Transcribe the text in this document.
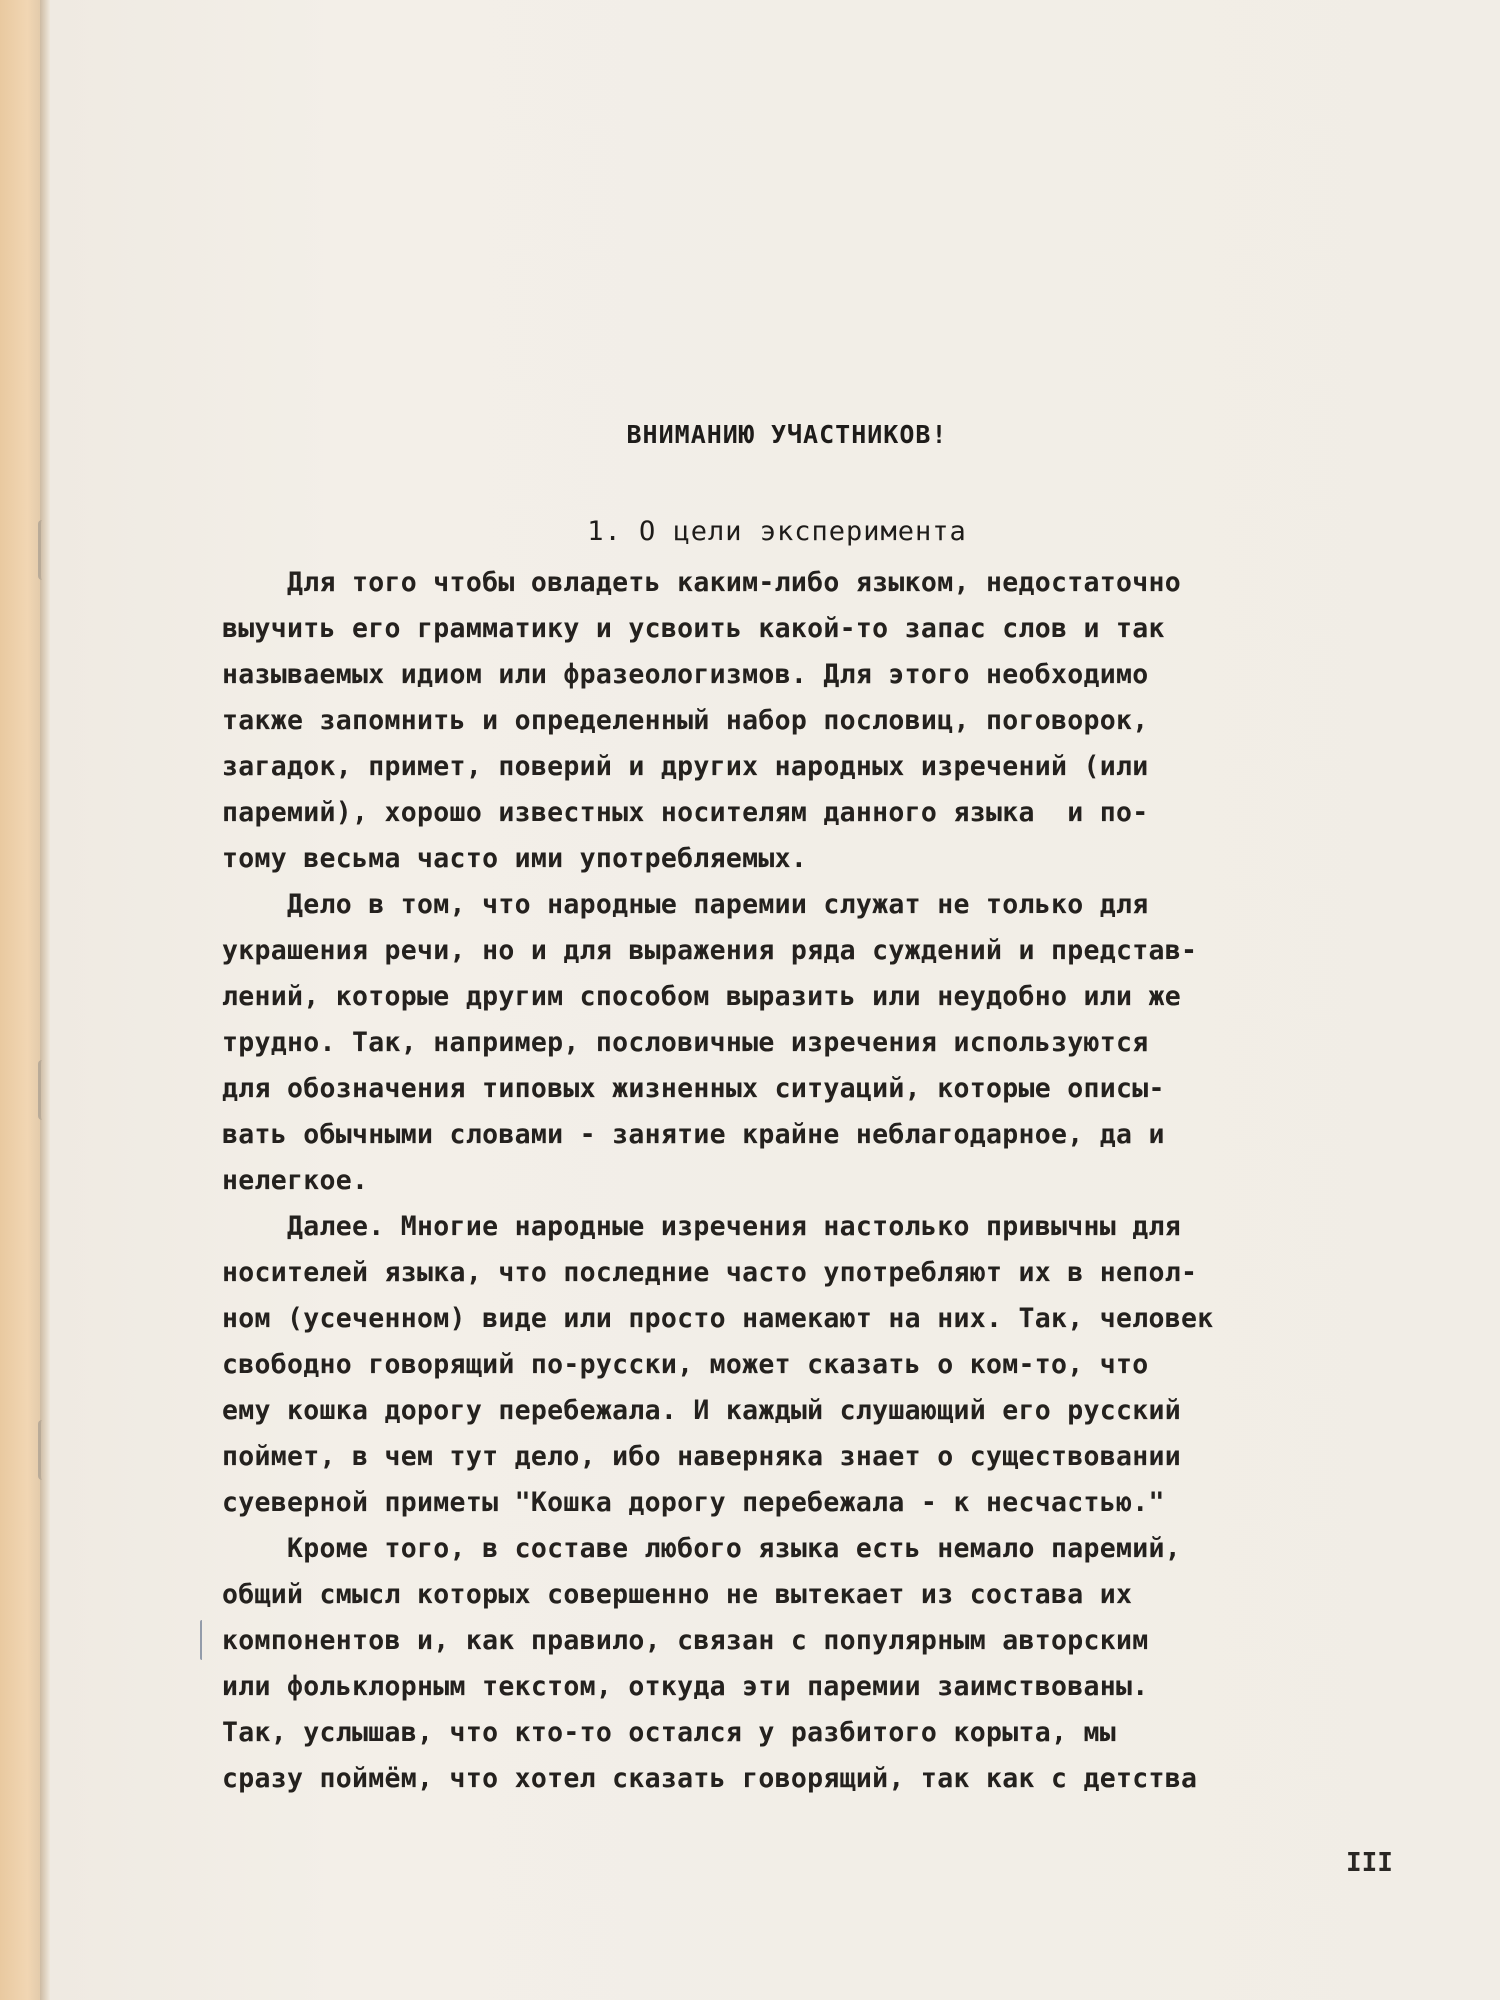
ВНИМАНИЮ УЧАСТНИКОВ!
1. О цели эксперимента

Для того чтобы овладеть каким-либо языком, недостаточно

выучить его грамматику и усвоить какой-то запас слов и так

называемых идиом или фразеологизмов. Для этого необходимо

также запомнить и определенный набор пословиц, поговорок,

загадок, примет, поверий и других народных изречений (или

паремий), хорошо известных носителям данного языка  и по-

тому весьма часто ими употребляемых.

Дело в том, что народные паремии служат не только для

украшения речи, но и для выражения ряда суждений и представ-

лений, которые другим способом выразить или неудобно или же

трудно. Так, например, пословичные изречения используются

для обозначения типовых жизненных ситуаций, которые описы-

вать обычными словами - занятие крайне неблагодарное, да и

нелегкое.

Далее. Многие народные изречения настолько привычны для

носителей языка, что последние часто употребляют их в непол-

ном (усеченном) виде или просто намекают на них. Так, человек

свободно говорящий по-русски, может сказать о ком-то, что

ему кошка дорогу перебежала. И каждый слушающий его русский

поймет, в чем тут дело, ибо наверняка знает о существовании

суеверной приметы "Кошка дорогу перебежала - к несчастью."

Кроме того, в составе любого языка есть немало паремий,

общий смысл которых совершенно не вытекает из состава их

компонентов и, как правило, связан с популярным авторским

или фольклорным текстом, откуда эти паремии заимствованы.

Так, услышав, что кто-то остался у разбитого корыта, мы

сразу поймём, что хотел сказать говорящий, так как с детства

III
